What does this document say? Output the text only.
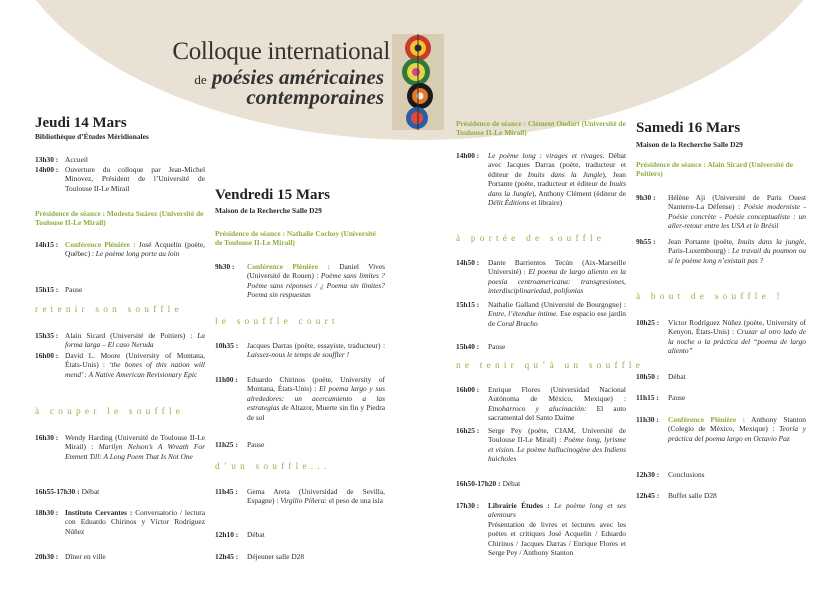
Colloque international
de poésies américaines
contemporaines
Jeudi 14 Mars
Bibliothèque d’Études Méridionales
13h30 : Accueil
14h00 : Ouverture du colloque par Jean-Michel Minovez, Président de l’Université de Toulouse II-Le Mirail
Présidence de séance : Modesta Suárez (Université de Toulouse II-Le Mirail)
14h15 : Conférence Plénière : José Acquelin (poète, Québec) : Le poème long porte au loin
15h15 : Pause
retenir son souffle
15h35 : Alain Sicard (Université de Poitiers) : La forma larga – El caso Neruda
16h00 : David L. Moore (University of Montana, États-Unis) : ‘the bones of this nation will mend’ : A Native American Revisionary Epic
à couper le souffle
16h30 : Wendy Harding (Université de Toulouse II-Le Mirail) : Marilyn Nelson’s A Wreath For Emmett Till: A Long Poem That Is Not One
16h55-17h30 : Débat
18h30 : Instituto Cervantes : Conversatorio / lectura con Eduardo Chirinos y Víctor Rodríguez Núñez
20h30 : Dîner en ville
Vendredi 15 Mars
Maison de la Recherche Salle D29
Présidence de séance : Nathalie Cochoy (Université de Toulouse II-Le Mirail)
9h30 :	Conférence Plénière : Daniel Vives (Université de Rouen) : Poème sans limites ? Poème sans réponses / ¿ Poema sin límites? Poema sin respuestas
le souffle court
10h35 :	Jacques Darras (poète, essayiste, traducteur) : Laissez-nous le temps de souffler !
11h00 :	Eduardo Chirinos (poète, University of Montana, États-Unis) : El poema largo y sus alrededores: un acercamiento a las estrategias de Altazor, Muerte sin fin y Piedra de sol
11h25 :	Pause
d’un souffle...
11h45 :	Gema Areta (Universidad de Sevilla, Espagne) : Virgilio Piñera: el peso de una isla
12h10 :	Débat
12h45 :	Déjeuner salle D28
Présidence de séance : Clément Oudart (Université de Toulouse II-Le Mirail)
14h00 :	Le poème long : virages et rivages. Débat avec Jacques Darras (poète, traducteur et éditeur de Inuits dans la Jungle), Jean Portante (poète, traducteur et éditeur de Inuits dans la Jungle), Anthony Clément (éditeur de Délit Éditions et libraire)
à portée de souffle
14h50 :	Dante Barrientos Tecún (Aix-Marseille Université) : El poema de largo aliento en la poesía centroamericana: transgresiones, interdisciplinariedad, polifonías
15h15 :	Nathalie Galland (Université de Bourgogne) : Entre, l’étendue intime. Ese espacio ese jardín de Coral Bracho
15h40 :	Pause
ne tenir qu’à un souffle
16h00 :	Enrique Flores (Universidad Nacional Autónoma de México, Mexique) : Etnobarroco y alucinación: El auto sacramental del Santo Daime
16h25 :	Serge Pey (poète, CIAM, Université de Toulouse II-Le Mirail) : Poème long, lyrisme et vision. Le poème hallucinogène des Indiens huicholes
16h50-17h20 : Débat
17h30 :	Librairie Études : Le poème long et ses alentours
Présentation de livres et lectures avec les poètes et critiques José Acquelin / Eduardo Chirinos / Jacques Darras / Enrique Flores et Serge Pey / Anthony Stanton
Samedi 16 Mars
Maison de la Recherche Salle D29
Présidence de séance : Alain Sicard (Université de Poitiers)
9h30 :	Hélène Aji (Université de Paris Ouest Nanterre-La Défense) : Poésie moderniste - Poésie concrète - Poésie conceptualiste : un aller-retour entre les USA et le Brésil
9h55 :	Jean Portante (poète, Inuits dans la jungle, Paris-Luxembourg) : Le travail du poumon ou si le poème long n’existait pas ?
à bout de souffle !
10h25 :	Víctor Rodríguez Núñez (poète, University of Kenyon, États-Unis) : Cruzar al otro lado de la noche o la práctica del “poema de largo aliento”
10h50 :	Débat
11h15 :	Pause
11h30 :	Conférence Plénière : Anthony Stanton (Colegio de México, Mexique) : Teoría y práctica del poema largo en Octavio Paz
12h30 :	Conclusions
12h45 :	Buffet salle D28
